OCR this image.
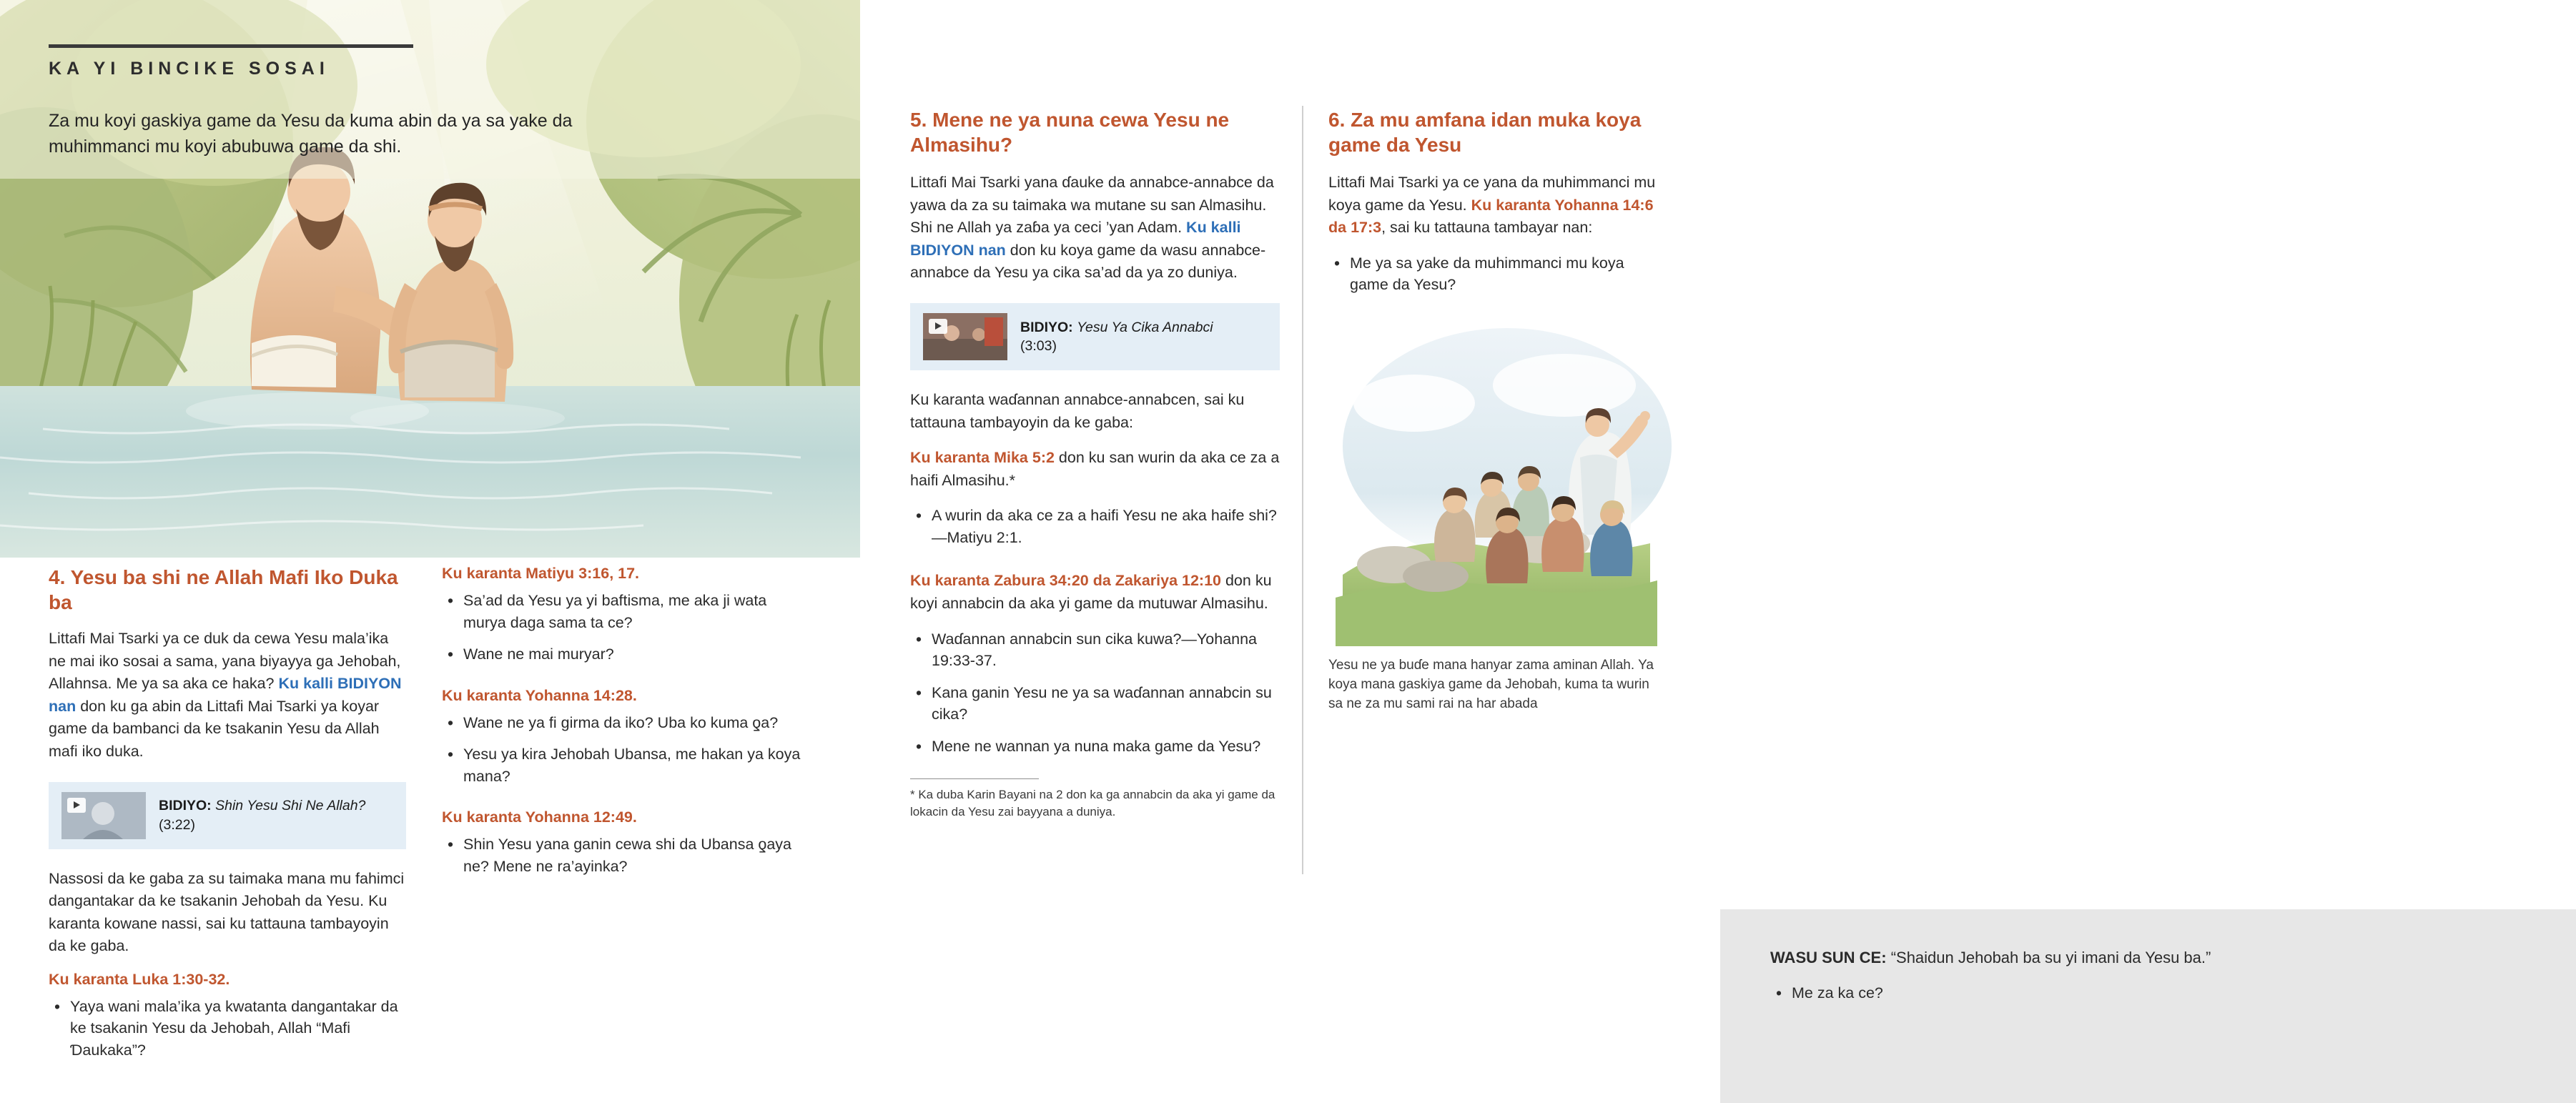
KA YI BINCIKE SOSAI
Za mu koyi gaskiya game da Yesu da kuma abin da ya sa yake da muhimmanci mu koyi abubuwa game da shi.
4. Yesu ba shi ne Allah Mafi Iko Duka ba

Littafi Mai Tsarki ya ce duk da cewa Yesu mala’ika ne mai iko sosai a sama, yana biyayya ga Jehobah, Allahnsa. Me ya sa aka ce haka? Ku kalli BIDIYON nan don ku ga abin da Littafi Mai Tsarki ya koyar game da bambanci da ke tsakanin Yesu da Allah mafi iko duka.

BIDIYO: Shin Yesu Shi Ne Allah? (3:22)

Nassosi da ke gaba za su taimaka mana mu fahimci dangantakar da ke tsakanin Jehobah da Yesu. Ku karanta kowane nassi, sai ku tattauna tambayoyin da ke gaba.

Ku karanta Luka 1:30-32.
• Yaya wani mala’ika ya kwatanta dangantakar da ke tsakanin Yesu da Jehobah, Allah “Mafi Ɗaukaka”?
Ku karanta Matiyu 3:16, 17.
• Sa’ad da Yesu ya yi baftisma, me aka ji wata murya daga sama ta ce?
• Wane ne mai muryar?
Ku karanta Yohanna 14:28.
• Wane ne ya fi girma da iko? Uba ko kuma ƍa?
• Yesu ya kira Jehobah Ubansa, me hakan ya koya mana?
Ku karanta Yohanna 12:49.
• Shin Yesu yana ganin cewa shi da Ubansa ƍaya ne? Mene ne ra’ayinka?
5. Mene ne ya nuna cewa Yesu ne Almasihu?

Littafi Mai Tsarki yana ɗauke da annabce-annabce da yawa da za su taimaka wa mutane su san Almasihu. Shi ne Allah ya zaɓa ya ceci ’yan Adam. Ku kalli BIDIYON nan don ku koya game da wasu annabce-annabce da Yesu ya cika sa’ad da ya zo duniya.

BIDIYO: Yesu Ya Cika Annabci
(3:03)

Ku karanta waɗannan annabce-annabcen, sai ku tattauna tambayoyin da ke gaba:

Ku karanta Mika 5:2 don ku san wurin da aka ce za a haifi Almasihu.*

• A wurin da aka ce za a haifi Yesu ne aka haife shi?—Matiyu 2:1.

Ku karanta Zabura 34:20 da Zakariya 12:10 don ku koyi annabcin da aka yi game da mutuwar Almasihu.

• Waɗannan annabcin sun cika kuwa?—Yohanna 19:33-37.
• Kana ganin Yesu ne ya sa waɗannan annabcin su cika?
• Mene ne wannan ya nuna maka game da Yesu?
* Ka duba Karin Bayani na 2 don ka ga annabcin da aka yi game da lokacin da Yesu zai bayyana a duniya.
6. Za mu amfana idan muka koya game da Yesu

Littafi Mai Tsarki ya ce yana da muhimmanci mu koya game da Yesu. Ku karanta Yohanna 14:6 da 17:3, sai ku tattauna tambayar nan:

• Me ya sa yake da muhimmanci mu koya game da Yesu?
Yesu ne ya buɗe mana hanyar zama aminan Allah. Ya koya mana gaskiya game da Jehobah, kuma ta wurin sa ne za mu sami rai na har abada
WASU SUN CE: “Shaidun Jehobah ba su yi imani da Yesu ba.”
• Me za ka ce?
